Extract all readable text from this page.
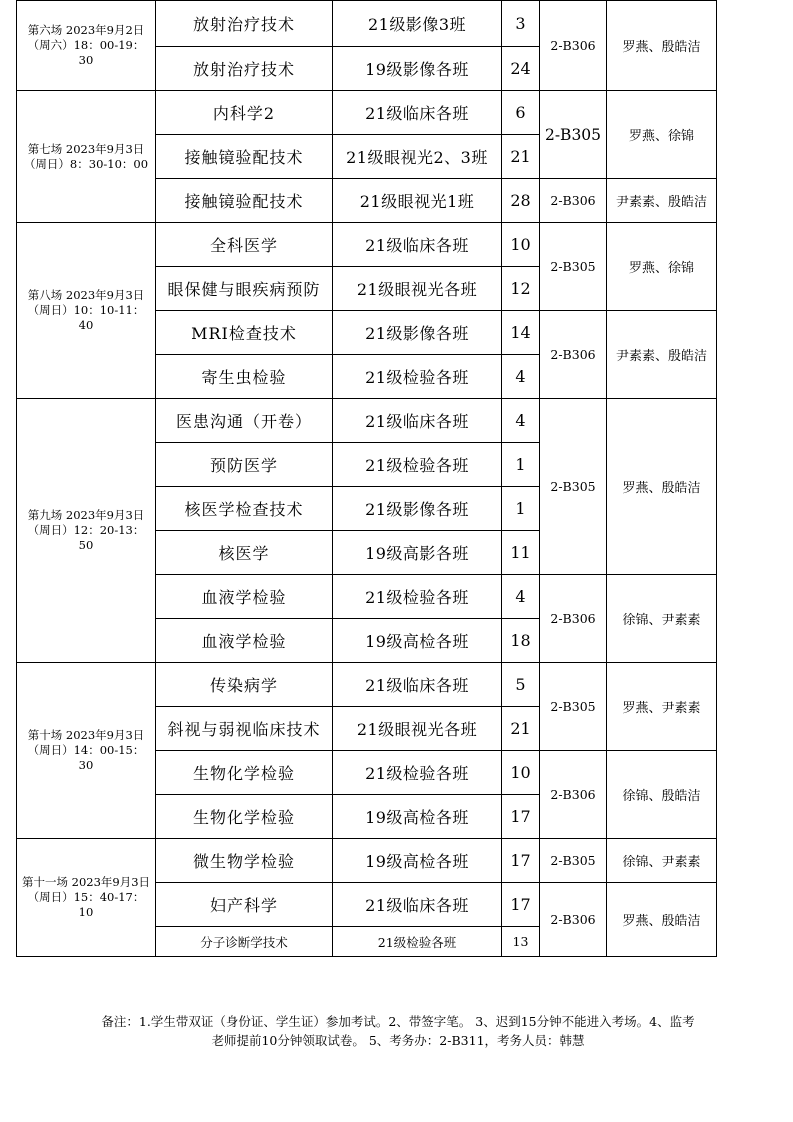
第六场 2023年9月2日（周六）18：00-19：30	放射治疗技术	21级影像3班	3	2-B306	罗燕、殷皓洁
	放射治疗技术	19级影像各班	24		

第七场 2023年9月3日（周日）8：30-10：00	内科学2	21级临床各班	6	2-B305	罗燕、徐锦
	接触镜验配技术	21级眼视光2、3班	21		
	接触镜验配技术	21级眼视光1班	28	2-B306	尹素素、殷皓洁

第八场 2023年9月3日（周日）10：10-11：40	全科医学	21级临床各班	10	2-B305	罗燕、徐锦
	眼保健与眼疾病预防	21级眼视光各班	12		
	MRI检查技术	21级影像各班	14	2-B306	尹素素、殷皓洁
	寄生虫检验	21级检验各班	4		

第九场 2023年9月3日（周日）12：20-13：50	医患沟通（开卷）	21级临床各班	4	2-B305	罗燕、殷皓洁
	预防医学	21级检验各班	1		
	核医学检查技术	21级影像各班	1		
	核医学	19级高影各班	11		
	血液学检验	21级检验各班	4	2-B306	徐锦、尹素素
	血液学检验	19级高检各班	18		

第十场 2023年9月3日（周日）14：00-15：30	传染病学	21级临床各班	5	2-B305	罗燕、尹素素
	斜视与弱视临床技术	21级眼视光各班	21		
	生物化学检验	21级检验各班	10	2-B306	徐锦、殷皓洁
	生物化学检验	19级高检各班	17		

第十一场 2023年9月3日（周日）15：40-17：10	微生物学检验	19级高检各班	17	2-B305	徐锦、尹素素
	妇产科学	21级临床各班	17	2-B306	罗燕、殷皓洁
	分子诊断学技术	21级检验各班	13		
备注：1.学生带双证（身份证、学生证）参加考试。2、带签字笔。 3、迟到15分钟不能进入考场。4、监考
老师提前10分钟领取试卷。 5、考务办：2-B311，考务人员：韩慧
